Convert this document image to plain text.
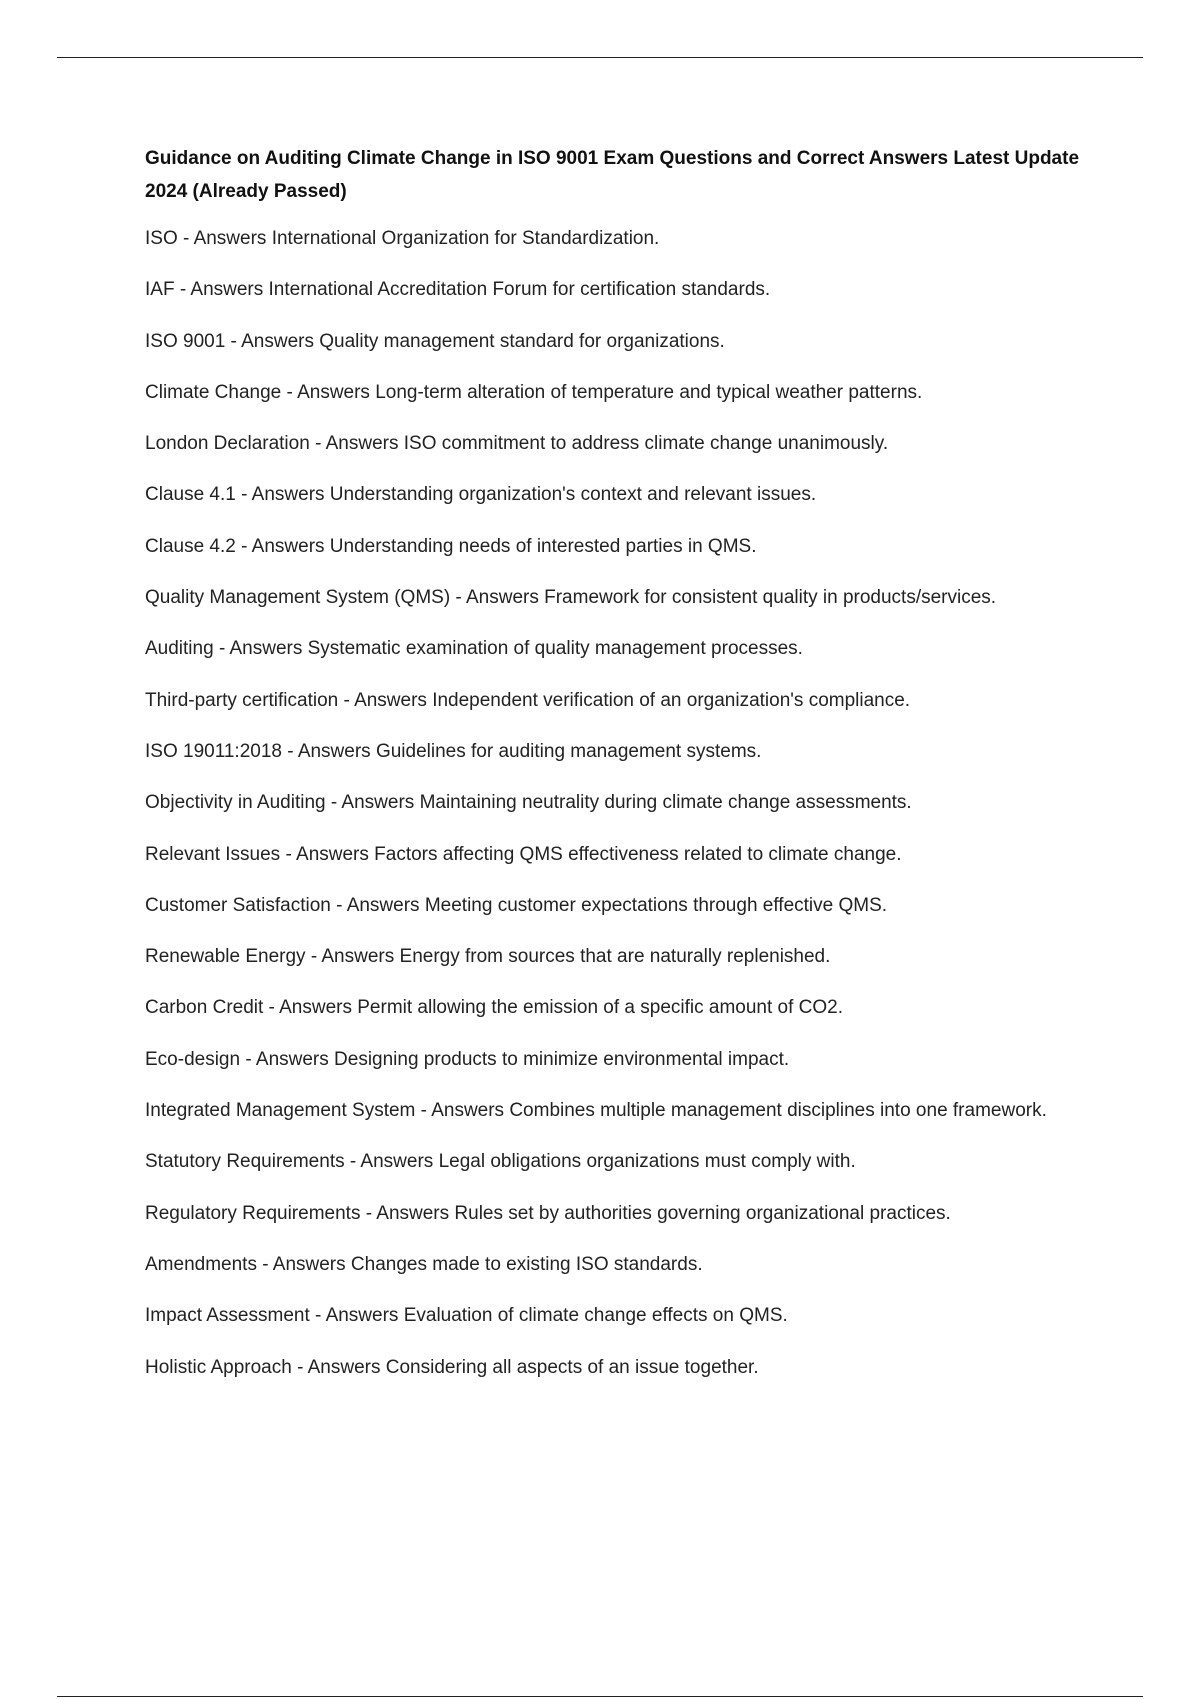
Guidance on Auditing Climate Change in ISO 9001 Exam Questions and Correct Answers Latest Update 2024 (Already Passed)
ISO - Answers International Organization for Standardization.
IAF - Answers International Accreditation Forum for certification standards.
ISO 9001 - Answers Quality management standard for organizations.
Climate Change - Answers Long-term alteration of temperature and typical weather patterns.
London Declaration - Answers ISO commitment to address climate change unanimously.
Clause 4.1 - Answers Understanding organization's context and relevant issues.
Clause 4.2 - Answers Understanding needs of interested parties in QMS.
Quality Management System (QMS) - Answers Framework for consistent quality in products/services.
Auditing - Answers Systematic examination of quality management processes.
Third-party certification - Answers Independent verification of an organization's compliance.
ISO 19011:2018 - Answers Guidelines for auditing management systems.
Objectivity in Auditing - Answers Maintaining neutrality during climate change assessments.
Relevant Issues - Answers Factors affecting QMS effectiveness related to climate change.
Customer Satisfaction - Answers Meeting customer expectations through effective QMS.
Renewable Energy - Answers Energy from sources that are naturally replenished.
Carbon Credit - Answers Permit allowing the emission of a specific amount of CO2.
Eco-design - Answers Designing products to minimize environmental impact.
Integrated Management System - Answers Combines multiple management disciplines into one framework.
Statutory Requirements - Answers Legal obligations organizations must comply with.
Regulatory Requirements - Answers Rules set by authorities governing organizational practices.
Amendments - Answers Changes made to existing ISO standards.
Impact Assessment - Answers Evaluation of climate change effects on QMS.
Holistic Approach - Answers Considering all aspects of an issue together.
